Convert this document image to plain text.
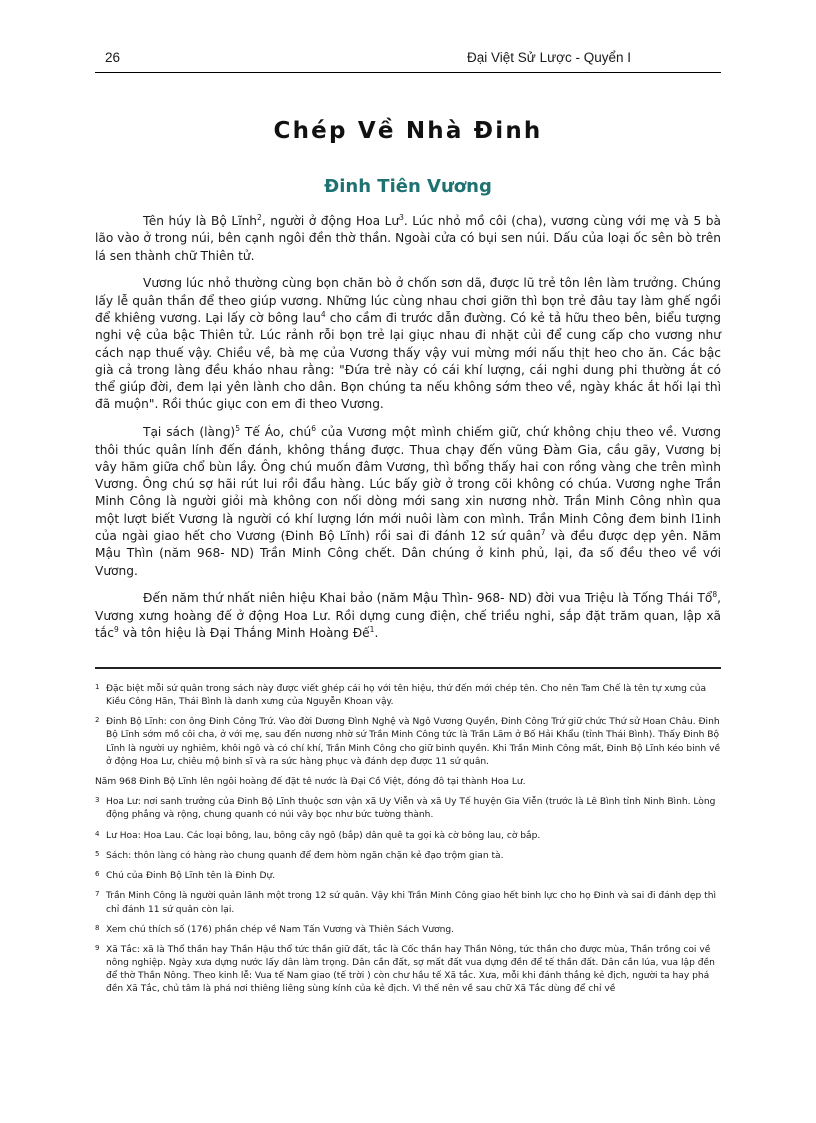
26	Đại Việt Sử Lược - Quyển I
Chép Về Nhà Đinh
Đinh Tiên Vương

Tên húy là Bộ Lĩnh$^2$, người ở động Hoa $Lư^3$. Lúc nhỏ mồ côi (cha), vương cùng với mẹ và 5 bà lão vào ở trong núi, bên cạnh ngôi đền thờ thần. Ngoài cửa có bụi sen núi. Dấu của loại ốc sên bò trên lá sen thành chữ Thiên tử.

Vương lúc nhỏ thường cùng bọn chăn bò ở chốn sơn dã, được lũ trẻ tôn lên làm trưởng. Chúng lấy lễ quân thần để theo giúp vương. Những lúc cùng nhau chơi giỡn thì bọn trẻ đâu tay làm ghế ngồi để khiêng vương. Lại lấy cờ bông lau$^4$ cho cầm đi trước dẫn đường. Có kẻ tả hữu theo bên, biểu tượng nghi vệ của bậc Thiên tử. Lúc rảnh rỗi bọn trẻ lại giục nhau đi nhặt củi để cung cấp cho vương như cách nạp thuế vậy. Chiều về, bà mẹ của Vương thấy vậy vui mừng mới nấu thịt heo cho ăn. Các bậc già cả trong làng đều kháo nhau rằng: "Đứa trẻ này có cái khí lượng, cái nghi dung phi thường ắt có thể giúp đời, đem lại yên lành cho dân. Bọn chúng ta nếu không sớm theo về, ngày khác ắt hối lại thì đã muộn". Rồi thúc giục con em đi theo Vương.

Tại sách (làng)$^5$ Tế Áo, chú$^6$ của Vương một mình chiếm giữ, chứ không chịu theo về. Vương thôi thúc quân lính đến đánh, không thắng được. Thua chạy đến vũng Đàm Gia, cầu gãy, Vương bị vây hãm giữa chổ bùn lầy. Ông chú muốn đâm Vương, thì bổng thấy hai con rồng vàng che trên mình Vương. Ông chú sợ hãi rút lui rồi đầu hàng. Lúc bấy giờ ở trong cõi không có chúa. Vương nghe Trần Minh Công là người giỏi mà không con nối dòng mới sang xin nương nhờ. Trần Minh Công nhìn qua một lượt biết Vương là người có khí lượng lớn mới nuôi làm con mình. Trần Minh Công đem binh l1inh của ngài giao hết cho Vương (Đinh Bộ Lĩnh) rồi sai đi đánh 12 sứ quân$^7$ và đều được dẹp yên. Năm Mậu Thìn (năm 968- ND) Trần Minh Công chết. Dân chúng ở kinh phủ, lại, đa số đều theo về với Vương.

Đến năm thứ nhất niên hiệu Khai bảo (năm Mậu Thìn- 968- ND) đời vua Triệu là Tống Thái Tổ$^8$, Vương xưng hoàng đế ở động Hoa Lư. Rồi dựng cung điện, chế triều nghi, sắp đặt trăm quan, lập xã tắc$^9$ và tôn hiệu là Đại Thắng Minh Hoàng Đế$^1$.

1 Đặc biệt mỗi sứ quân trong sách này được viết ghép cái họ với tên hiệu, thứ đến mới chép tên. Cho nên Tam Chế là tên tự xưng của Kiều Công Hãn, Thái Bình là danh xưng của Nguyễn Khoan vậy.
2 Đinh Bộ Lĩnh: con ông Đinh Công Trứ. Vào đời Dương Đình Nghệ và Ngô Vương Quyền, Đinh Công Trứ giữ chức Thứ sử Hoan Châu. Đinh Bộ Lĩnh sớm mồ côi cha, ở với mẹ, sau đến nương nhờ sứ Trần Minh Công tức là Trần Lãm ở Bố Hải Khẩu (tỉnh Thái Bình). Thấy Đinh Bộ Lĩnh là người uy nghiêm, khôi ngô và có chí khí, Trần Minh Công cho giữ binh quyền. Khi Trần Minh Công mất, Đinh Bộ Lĩnh kéo binh về ở động Hoa Lư, chiêu mộ binh sĩ và ra sức hàng phục và đánh dẹp được 11 sứ quân.
Năm 968 Đinh Bộ Lĩnh lên ngôi hoàng đế đặt tê nước là Đại Cồ Việt, đóng đô tại thành Hoa Lư.
3 Hoa Lư: nơi sanh trưởng của Đinh Bộ Lĩnh thuộc sơn vận xã Uy Viễn và xã Uy Tế huyện Gia Viễn (trước là Lê Bình tỉnh Ninh Bình. Lòng động phẳng và rộng, chung quanh có núi vây bọc như bức tường thành.
4 Lư Hoa: Hoa Lau. Các loại bông, lau, bông cây ngô (bắp) dân quê ta gọi kà cờ bông lau, cờ bắp.
5 Sách: thôn làng có hàng rào chung quanh để đem hòm ngăn chặn kẻ đạo trộm gian tà.
6 Chú của Đinh Bộ Lĩnh tên là Đinh Dự.
7 Trần Minh Công là người quản lãnh một trong 12 sứ quân. Vậy khi Trần Minh Công giao hết binh lực cho họ Đinh và sai đi đánh dẹp thì chỉ đánh 11 sứ quân còn lại.
8 Xem chú thích số (176) phần chép về Nam Tấn Vương và Thiên Sách Vương.
9 Xã Tắc: xã là Thổ thần hay Thần Hậu thổ tức thần giữ đất, tắc là Cốc thần hay Thần Nông, tức thần cho được mùa, Thần trồng coi về nông nghiệp. Ngày xưa dựng nước lấy dân làm trọng. Dân cần đất, sợ mất đất vua dựng đền để tế thần đất. Dân cần lúa, vua lập đền để thờ Thần Nông. Theo kinh lễ: Vua tế Nam giao (tế trời ) còn chư hầu tế Xã tắc. Xưa, mỗi khi đánh thắng kẻ địch, người ta hay phá đền Xã Tắc, chủ tâm là phá nơi thiêng liêng sùng kính của kẻ địch. Vì thế nên về sau chữ Xã Tắc dùng để chỉ về
